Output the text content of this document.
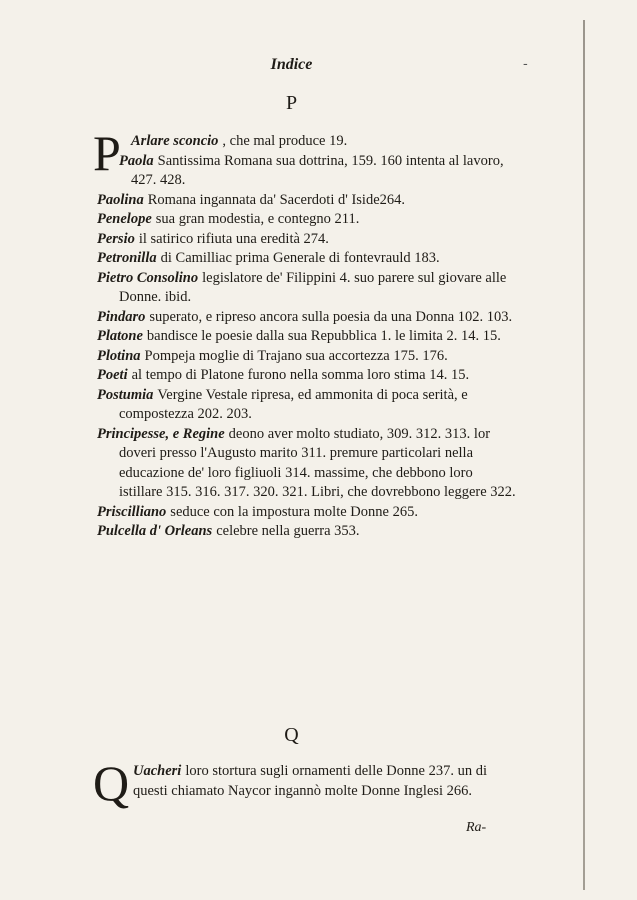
-
Indice
P
P Arlare sconcio , che mal produce 19.

Paola Santissima Romana sua dottrina, 159. 160 intenta al lavoro, 427. 428.

Paolina Romana ingannata da' Sacerdoti d' Iside264.

Penelope sua gran modestia, e contegno 211.

Persio il satirico rifiuta una eredità 274.

Petronilla di Camilliac prima Generale di fontevrauld 183.

Pietro Consolino legislatore de' Filippini 4. suo parere sul giovare alle Donne. ibid.

Pindaro superato, e ripreso ancora sulla poesia da una Donna 102. 103.

Platone bandisce le poesie dalla sua Repubblica 1. le limita 2. 14. 15.

Plotina Pompeja moglie di Trajano sua accortezza 175. 176.

Poeti al tempo di Platone furono nella somma loro stima 14. 15.

Postumia Vergine Vestale ripresa, ed ammonita di poca serità, e compostezza 202. 203.

Principesse, e Regine deono aver molto studiato, 309. 312. 313. lor doveri presso l'Augusto marito 311. premure particolari nella educazione de' loro figliuoli 314. massime, che debbono loro istillare 315. 316. 317. 320. 321. Libri, che dovrebbono leggere 322.

Priscilliano seduce con la impostura molte Donne 265.

Pulcella d' Orleans celebre nella guerra 353.

Q
Q Uacheri loro stortura sugli ornamenti delle Donne 237. un di questi chiamato Naycor ingannò molte Donne Inglesi 266.

Ra-
